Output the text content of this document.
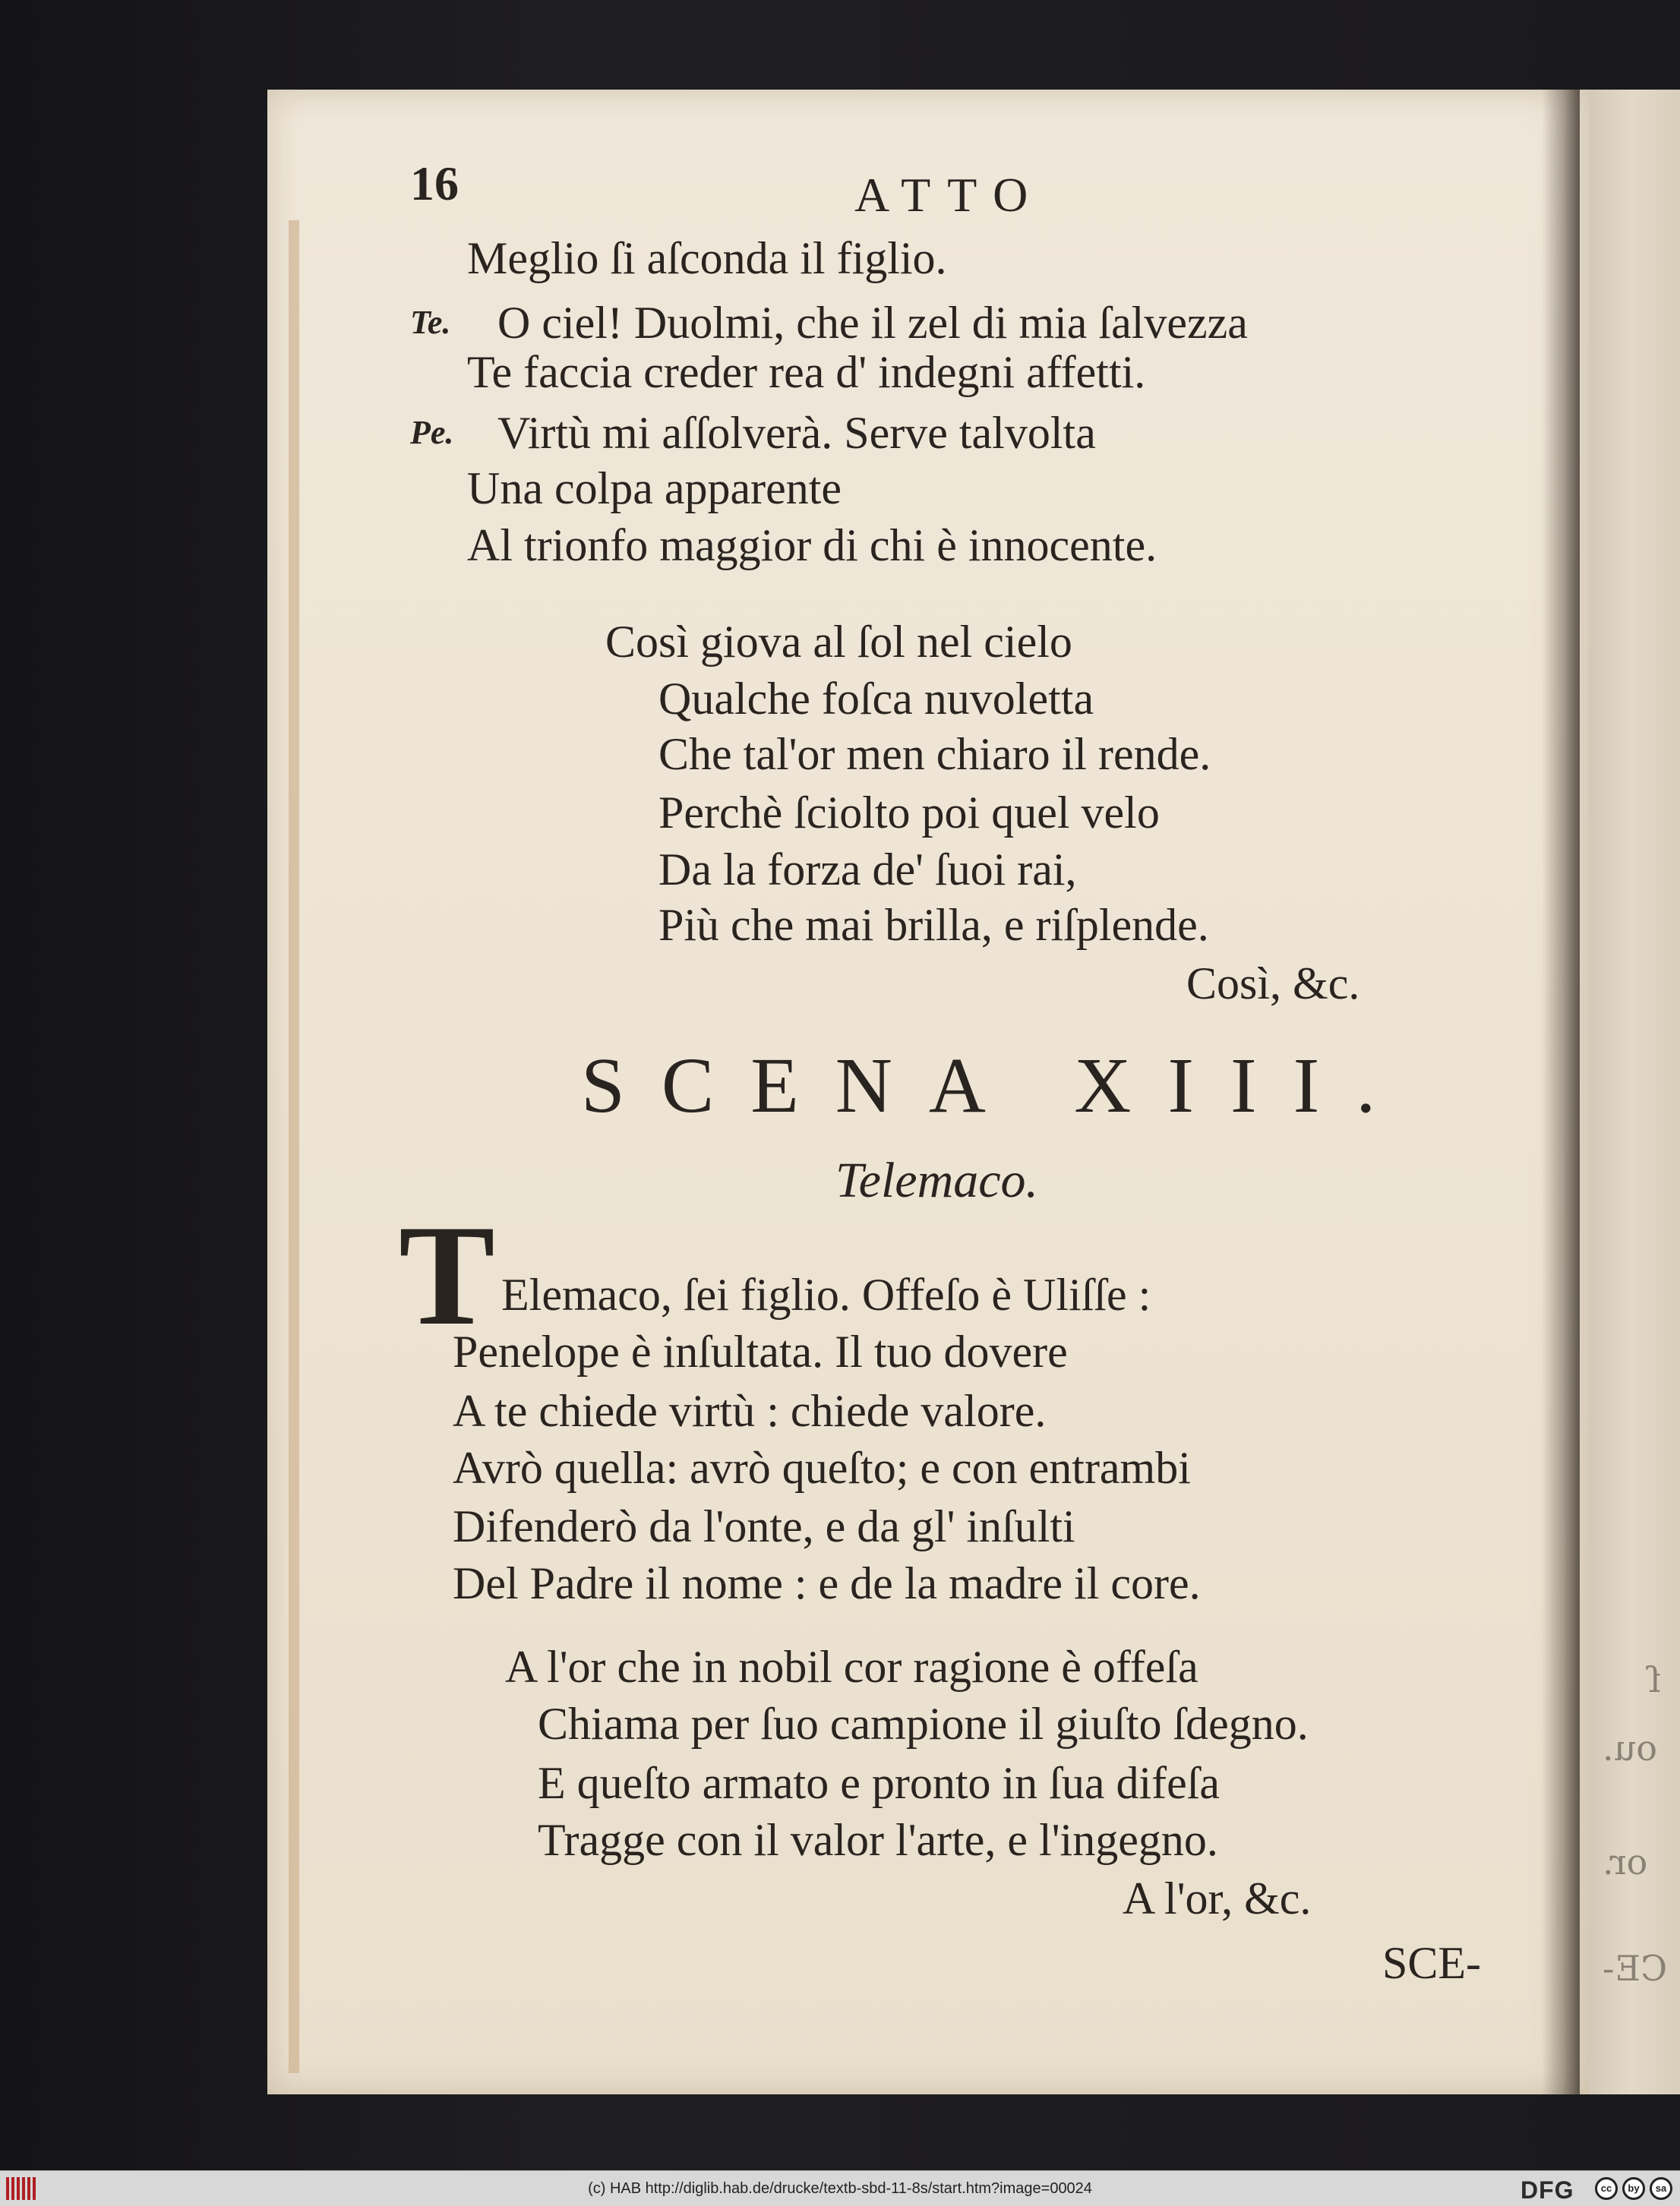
CE-
or.
ou.
ſ
16	ATTO
Meglio ſi aſconda il figlio.
Te. O ciel! Duolmi, che il zel di mia ſalvezza
Te faccia creder rea d' indegni affetti.
Pe. Virtù mi aſſolverà. Serve talvolta
Una colpa apparente
Al trionfo maggior di chi è innocente.
Così giova al ſol nel cielo
Qualche foſca nuvoletta
Che tal'or men chiaro il rende.
Perchè ſciolto poi quel velo
Da la forza de' ſuoi rai,
Più che mai brilla, e riſplende.
Così, &c.
SCENA XIII.
Telemaco.
T Elemaco, ſei figlio. Offeſo è Uliſſe :
Penelope è inſultata. Il tuo dovere
A te chiede virtù : chiede valore.
Avrò quella: avrò queſto; e con entrambi
Difenderò da l'onte, e da gl' inſulti
Del Padre il nome : e de la madre il core.
A l'or che in nobil cor ragione è offeſa
Chiama per ſuo campione il giuſto ſdegno.
E queſto armato e pronto in ſua difeſa
Tragge con il valor l'arte, e l'ingegno.
A l'or, &c.
SCE-
(c) HAB http://diglib.hab.de/drucke/textb-sbd-11-8s/start.htm?image=00024	DFG	cc	by	sa
